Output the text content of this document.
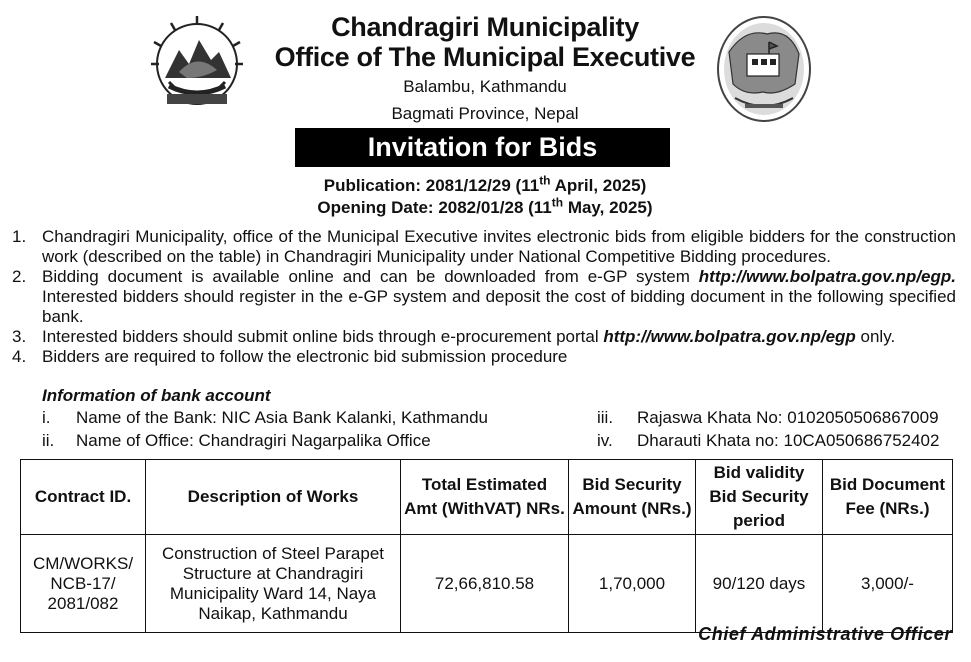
Chandragiri Municipality
Office of The Municipal Executive
Balambu, Kathmandu
Bagmati Province, Nepal
Invitation for Bids
Publication: 2081/12/29 (11th April, 2025)
Opening Date: 2082/01/28 (11th May, 2025)
1. Chandragiri Municipality, office of the Municipal Executive invites electronic bids from eligible bidders for the construction work (described on the table) in Chandragiri Municipality under National Competitive Bidding procedures.
2. Bidding document is available online and can be downloaded from e-GP system http://www.bolpatra.gov.np/egp. Interested bidders should register in the e-GP system and deposit the cost of bidding document in the following specified bank.
3. Interested bidders should submit online bids through e-procurement portal http://www.bolpatra.gov.np/egp only.
4. Bidders are required to follow the electronic bid submission procedure
Information of bank account
i.	Name of the Bank: NIC Asia Bank Kalanki, Kathmandu
ii.	Name of Office: Chandragiri Nagarpalika Office
iii.	Rajaswa Khata No: 0102050506867009
iv.	Dharauti Khata no: 10CA050686752402
Contract ID.	Description of Works	Total Estimated Amt (WithVAT) NRs.	Bid Security Amount (NRs.)	Bid validity Bid Security period	Bid Document Fee (NRs.)
CM/WORKS/ NCB-17/ 2081/082	Construction of Steel Parapet Structure at Chandragiri Municipality Ward 14, Naya Naikap, Kathmandu	72,66,810.58	1,70,000	90/120 days	3,000/-
Chief Administrative Officer
